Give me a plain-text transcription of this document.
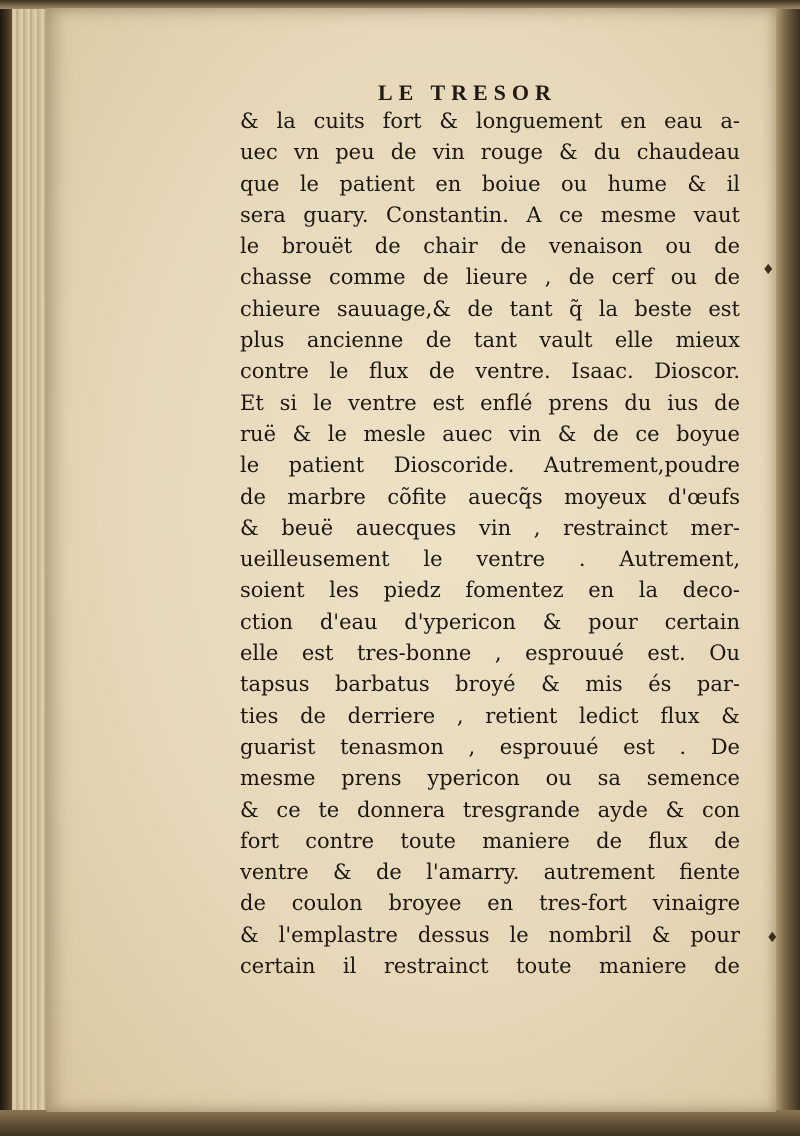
LE TRESOR
& la cuits fort & longuement en eau a-
uec vn peu de vin rouge & du chaudeau
que le patient en boiue ou hume & il
sera guary. Constantin. A ce mesme vaut
le brouët de chair de venaison ou de
chasse comme de lieure , de cerf ou de
chieure sauuage,& de tant q̃ la beste est
plus ancienne de tant vault elle mieux
contre le flux de ventre. Isaac. Dioscor.
Et si le ventre est enflé prens du ius de
ruë & le mesle auec vin & de ce boyue
le patient Dioscoride. Autrement,poudre
de marbre cõfite auecq̃s moyeux d'œufs
& beuë auecques vin , restrainct mer-
ueilleusement le ventre . Autrement,
soient les piedz fomentez en la deco-
ction d'eau d'ypericon & pour certain
elle est tres-bonne , esprouué est. Ou
tapsus barbatus broyé & mis és par-
ties de derriere , retient ledict flux &
guarist tenasmon , esprouué est . De
mesme prens ypericon ou sa semence
& ce te donnera tresgrande ayde & con
fort contre toute maniere de flux de
ventre & de l'amarry. autrement fiente
de coulon broyee en tres-fort vinaigre
& l'emplastre dessus le nombril & pour
certain il restrainct toute maniere de
♦
♦
